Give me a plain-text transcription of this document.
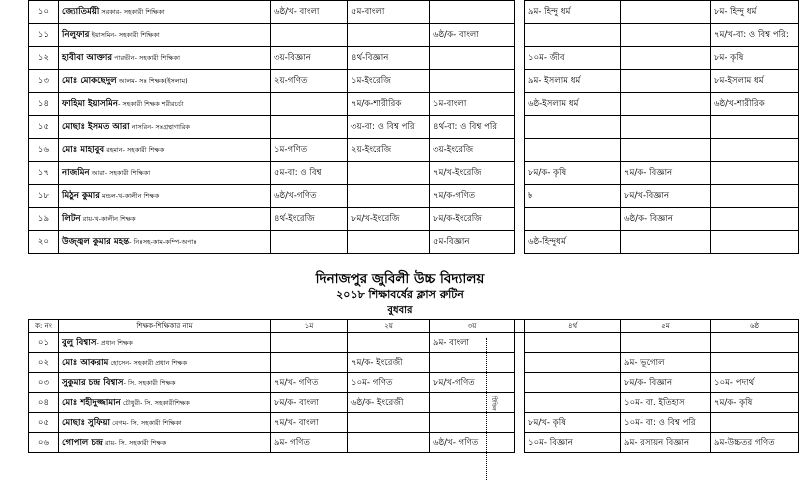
১০	জ্যোতির্ময়ী সরকার- সহকারী শিক্ষিকা	৬ষ্ঠ/খ- বাংলা	৫ম-বাংলা			৯ম- হিন্দু ধর্ম		৮ম- হিন্দু ধর্ম
১১	নিলুফার ইয়াসমিন- সহকারী শিক্ষিকা			৬ষ্ঠ/ক- বাংলা				৭ম/খ-বা: ও বিশ্ব পরি:
১২	হাবীবা আক্তার পারভীন- সহকারী শিক্ষিকা	৩য়-বিজ্ঞান	৪র্থ-বিজ্ঞান			১০ম- জীব		৮ম- কৃষি
১৩	মোঃ মোকছেদুল আলম- সঃ শিক্ষক(ইসলাম)	২য়-গণিত	১ম-ইংরেজি			৯ম- ইসলাম ধর্ম		৮ম-ইসলাম ধর্ম
১৪	ফাহিমা ইয়াসমিন- সহকারী শিক্ষক শরীরচর্চা		৭ম/ক-শারীরিক	১ম-বাংলা		৬ষ্ঠ-ইসলাম ধর্ম		৬ষ্ঠ/খ-শারীরিক
১৫	মোছাঃ ইসমত আরা নাসরিন- সঃগ্রন্থাগারিক		৩য়-বা: ও বিশ্ব পরি	৪র্থ-বা: ও বিশ্ব পরি				
১৬	মোঃ মাহাবুব রহমান- সহকারী শিক্ষক	১ম-গণিত	২য়-ইংরেজি	৩য়-ইংরেজি				
১৭	নাজমিন আরা- সহকারী শিক্ষিকা	৫ম-বা: ও বিশ্ব		৭ম/খ-ইংরেজি		৮ম/ক- কৃষি	৭ম/ক- বিজ্ঞান	
১৮	মিঠুন কুমার মন্ডল-খ-কালীন শিক্ষক	৬ষ্ঠ/খ-গণিত		৭ম/ক-গণিত		৳	৮ম/খ-বিজ্ঞান	
১৯	লিটন রায়-খ-কালীন শিক্ষক	৪র্থ-ইংরেজি	৮ম/খ-ইংরেজি	৮ম/ক-ইংরেজি			৬ষ্ঠ/ক- বিজ্ঞান	
২০	উজ্জ্বল কুমার মহন্ত- নিঃসহ-কাম-কম্পি-অপাঃ			৫ম-বিজ্ঞান		৬ষ্ঠ-হিন্দুধর্ম		
দিনাজপুর জুবিলী উচ্চ বিদ্যালয়
২০১৮ শিক্ষাবর্ষের ক্লাস রুটিন
বুধবার
ক: নং	শিক্ষক-শিক্ষিকার নাম	১ম	২য়	৩য়		৪র্থ	৫ম	৬ষ্ঠ
০১	বুলু বিশ্বাস- প্রধান শিক্ষক			৯ম- বাংলা				
০২	মোঃ আকরাম হোসেন- সহকারী প্রধান শিক্ষক		৭ম/ক- ইংরেজী				৯ম- ভূগোল	
০৩	সুকুমার চন্দ্র বিশ্বাস- সি. সহকারী শিক্ষক	৭ম/খ- গণিত	১০ম- গণিত	৮ম/খ-গণিত			৮ম/ক- বিজ্ঞান	১০ম- পদার্থ
০৪	মোঃ শহীদুজ্জামান চৌধুরী- সি. সহকারীশিক্ষক	৮ম/ক- বাংলা	৬ষ্ঠ/ক- ইংরেজী				১০ম- বা. ইতিহাস	৭ম/ক- কৃষি
০৫	মোছাঃ সুফিয়া বেগম- সি. সহকারী শিক্ষিকা	৭ম/খ- বাংলা				৮ম/খ- কৃষি	১০ম- বা: ও বিশ্ব পরি	
০৬	গোপাল চন্দ্র রায়- সি. সহকারী শিক্ষক	৯ম- গণিত		৬ষ্ঠ/খ- গণিত		১০ম- বিজ্ঞান	৯ম- রসায়ন বিজ্ঞান	৯ম-উচ্চতর গণিত
টিফিন
